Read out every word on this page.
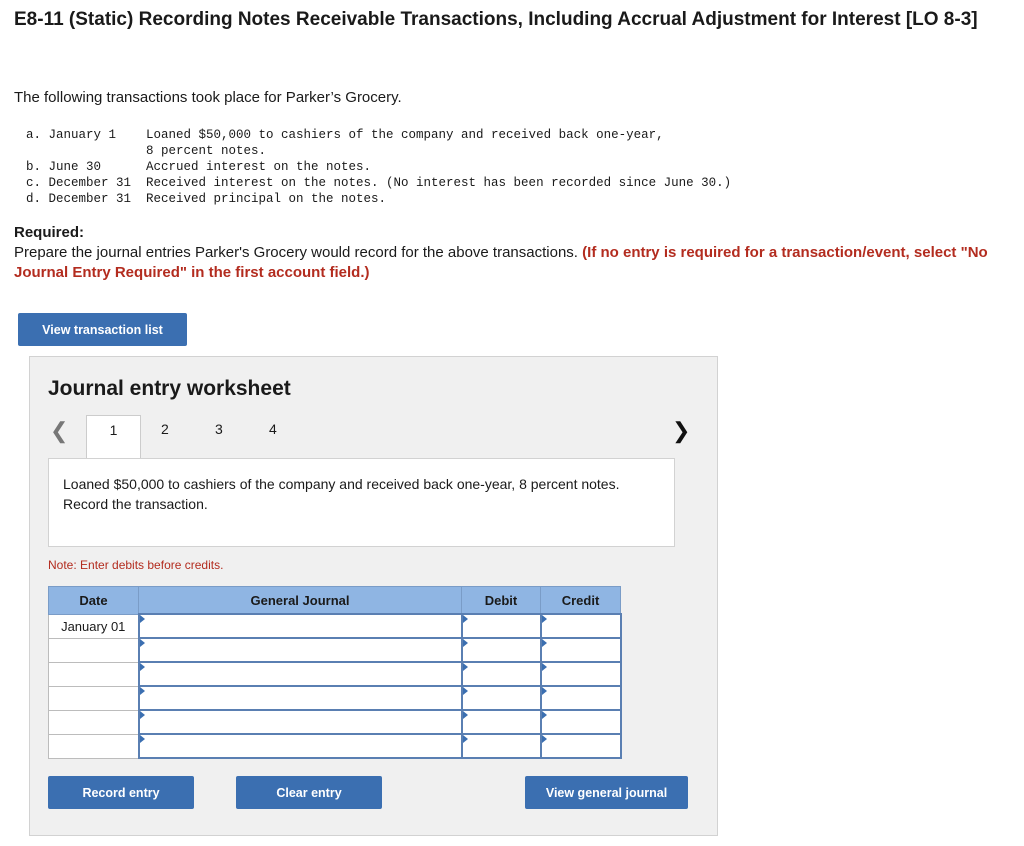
E8-11 (Static) Recording Notes Receivable Transactions, Including Accrual Adjustment for Interest [LO 8-3]
The following transactions took place for Parker’s Grocery.
a. January 1	Loaned $50,000 to cashiers of the company and received back one-year,
8 percent notes.
b. June 30	Accrued interest on the notes.
c. December 31	Received interest on the notes. (No interest has been recorded since June 30.)
d. December 31	Received principal on the notes.
Required:
Prepare the journal entries Parker's Grocery would record for the above transactions. (If no entry is required for a transaction/event, select "No Journal Entry Required" in the first account field.)
View transaction list
Journal entry worksheet
❮	1	2	3	4	❯
Loaned $50,000 to cashiers of the company and received back one-year, 8 percent notes. Record the transaction.
Note: Enter debits before credits.
Date	General Journal	Debit	Credit
January 01			

Record entry	Clear entry	View general journal
